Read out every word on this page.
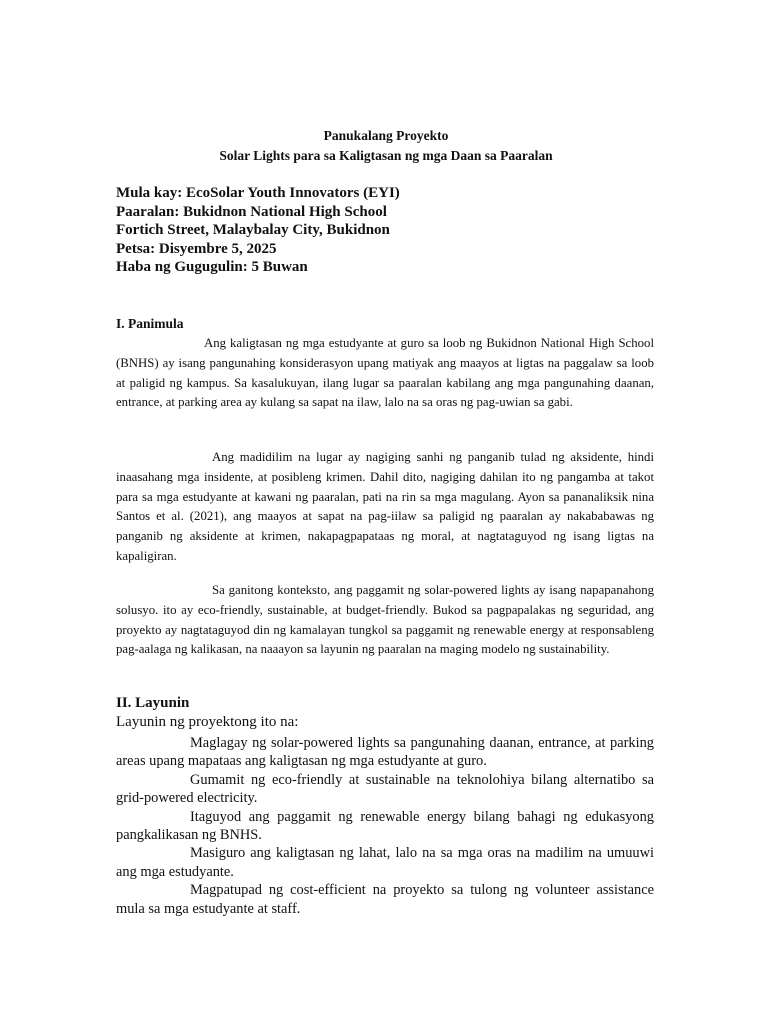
Panukalang Proyekto
Solar Lights para sa Kaligtasan ng mga Daan sa Paaralan
Mula kay: EcoSolar Youth Innovators (EYI)
Paaralan: Bukidnon National High School
Fortich Street, Malaybalay City, Bukidnon
Petsa: Disyembre 5, 2025
Haba ng Gugugulin: 5 Buwan
I. Panimula
Ang kaligtasan ng mga estudyante at guro sa loob ng Bukidnon National High School (BNHS) ay isang pangunahing konsiderasyon upang matiyak ang maayos at ligtas na paggalaw sa loob at paligid ng kampus. Sa kasalukuyan, ilang lugar sa paaralan kabilang ang mga pangunahing daanan, entrance, at parking area ay kulang sa sapat na ilaw, lalo na sa oras ng pag-uwian sa gabi.
Ang madidilim na lugar ay nagiging sanhi ng panganib tulad ng aksidente, hindi inaasahang mga insidente, at posibleng krimen. Dahil dito, nagiging dahilan ito ng pangamba at takot para sa mga estudyante at kawani ng paaralan, pati na rin sa mga magulang. Ayon sa pananaliksik nina Santos et al. (2021), ang maayos at sapat na pag-iilaw sa paligid ng paaralan ay nakababawas ng panganib ng aksidente at krimen, nakapagpapataas ng moral, at nagtataguyod ng isang ligtas na kapaligiran.
Sa ganitong konteksto, ang paggamit ng solar-powered lights ay isang napapanahong solusyo. ito ay eco-friendly, sustainable, at budget-friendly. Bukod sa pagpapalakas ng seguridad, ang proyekto ay nagtataguyod din ng kamalayan tungkol sa paggamit ng renewable energy at responsableng pag-aalaga ng kalikasan, na naaayon sa layunin ng paaralan na maging modelo ng sustainability.
II. Layunin
Layunin ng proyektong ito na:
Maglagay ng solar-powered lights sa pangunahing daanan, entrance, at parking areas upang mapataas ang kaligtasan ng mga estudyante at guro.
Gumamit ng eco-friendly at sustainable na teknolohiya bilang alternatibo sa grid-powered electricity.
Itaguyod ang paggamit ng renewable energy bilang bahagi ng edukasyong pangkalikasan ng BNHS.
Masiguro ang kaligtasan ng lahat, lalo na sa mga oras na madilim na umuuwi ang mga estudyante.
Magpatupad ng cost-efficient na proyekto sa tulong ng volunteer assistance mula sa mga estudyante at staff.
